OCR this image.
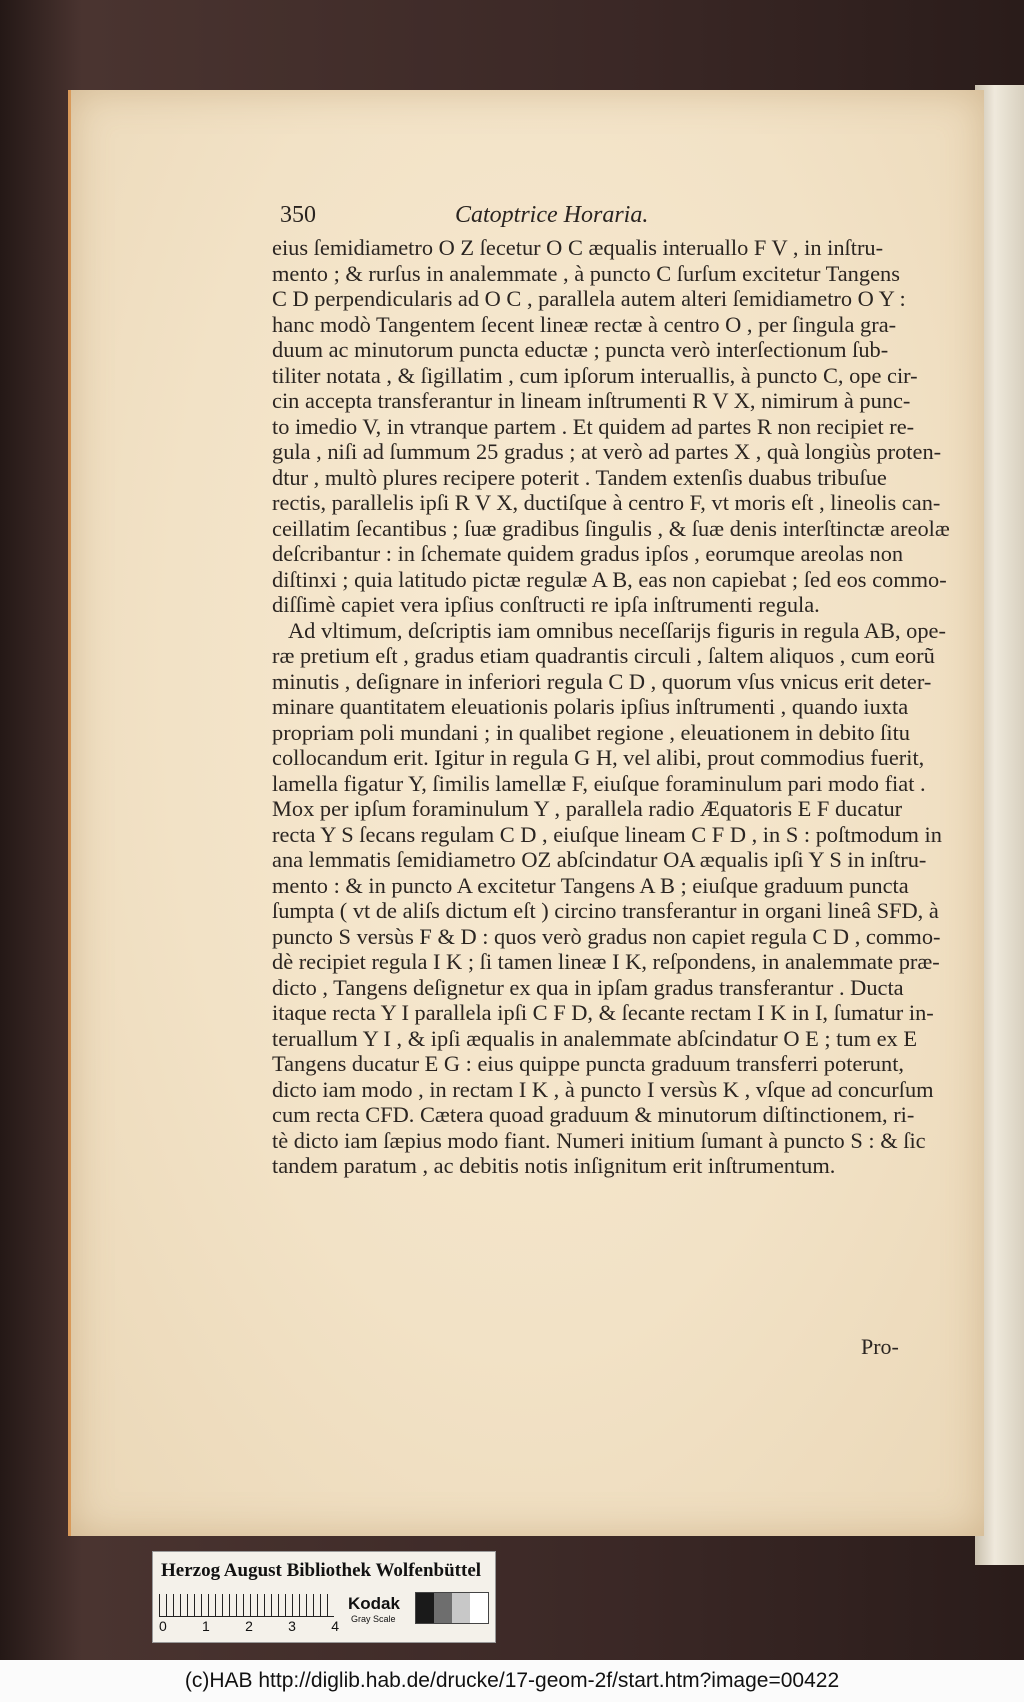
350	Catoptrice Horaria.
eius ſemidiametro O Z ſecetur O C æqualis interuallo F V , in inſtru-
mento ; & rurſus in analemmate , à puncto C ſurſum excitetur Tangens
C D perpendicularis ad O C , parallela autem alteri ſemidiametro O Y :
hanc modò Tangentem ſecent lineæ rectæ à centro O , per ſingula gra-
duum ac minutorum puncta eductæ ; puncta verò interſectionum ſub-
tiliter notata , & ſigillatim , cum ipſorum interuallis, à puncto C, ope cir-
cin accepta transferantur in lineam inſtrumenti R V X, nimirum à punc-
to imedio V, in vtranque partem . Et quidem ad partes R non recipiet re-
gula , niſi ad ſummum 25 gradus ; at verò ad partes X , quà longiùs proten-
dtur , multò plures recipere poterit . Tandem extenſis duabus tribuſue
rectis, parallelis ipſi R V X, ductiſque à centro F, vt moris eſt , lineolis can-
ceillatim ſecantibus ; ſuæ gradibus ſingulis , & ſuæ denis interſtinctæ areolæ
deſcribantur : in ſchemate quidem gradus ipſos , eorumque areolas non
diſtinxi ; quia latitudo pictæ regulæ A B, eas non capiebat ; ſed eos commo-
diſſimè capiet vera ipſius conſtructi re ipſa inſtrumenti regula.
Ad vltimum, deſcriptis iam omnibus neceſſarijs figuris in regula AB, ope-
ræ pretium eſt , gradus etiam quadrantis circuli , ſaltem aliquos , cum eorũ
minutis , deſignare in inferiori regula C D , quorum vſus vnicus erit deter-
minare quantitatem eleuationis polaris ipſius inſtrumenti , quando iuxta
propriam poli mundani ; in qualibet regione , eleuationem in debito ſitu
collocandum erit. Igitur in regula G H, vel alibi, prout commodius fuerit,
lamella figatur Y, ſimilis lamellæ F, eiuſque foraminulum pari modo fiat .
Mox per ipſum foraminulum Y , parallela radio Æquatoris E F ducatur
recta Y S ſecans regulam C D , eiuſque lineam C F D , in S : poſtmodum in
ana lemmatis ſemidiametro OZ abſcindatur OA æqualis ipſi Y S in inſtru-
mento : & in puncto A excitetur Tangens A B ; eiuſque graduum puncta
ſumpta ( vt de aliſs dictum eſt ) circino transferantur in organi lineâ SFD, à
puncto S versùs F & D : quos verò gradus non capiet regula C D , commo-
dè recipiet regula I K ; ſi tamen lineæ I K, reſpondens, in analemmate præ-
dicto , Tangens deſignetur ex qua in ipſam gradus transferantur . Ducta
itaque recta Y I parallela ipſi C F D, & ſecante rectam I K in I, ſumatur in-
teruallum Y I , & ipſi æqualis in analemmate abſcindatur O E ; tum ex E
Tangens ducatur E G : eius quippe puncta graduum transferri poterunt,
dicto iam modo , in rectam I K , à puncto I versùs K , vſque ad concurſum
cum recta CFD. Cætera quoad graduum & minutorum diſtinctionem, ri-
tè dicto iam ſæpius modo fiant. Numeri initium ſumant à puncto S : & ſic
tandem paratum , ac debitis notis inſignitum erit inſtrumentum.
Pro-
Herzog August Bibliothek Wolfenbüttel
0	1	2	3	4
Kodak
Gray Scale
(c)HAB http://diglib.hab.de/drucke/17-geom-2f/start.htm?image=00422
